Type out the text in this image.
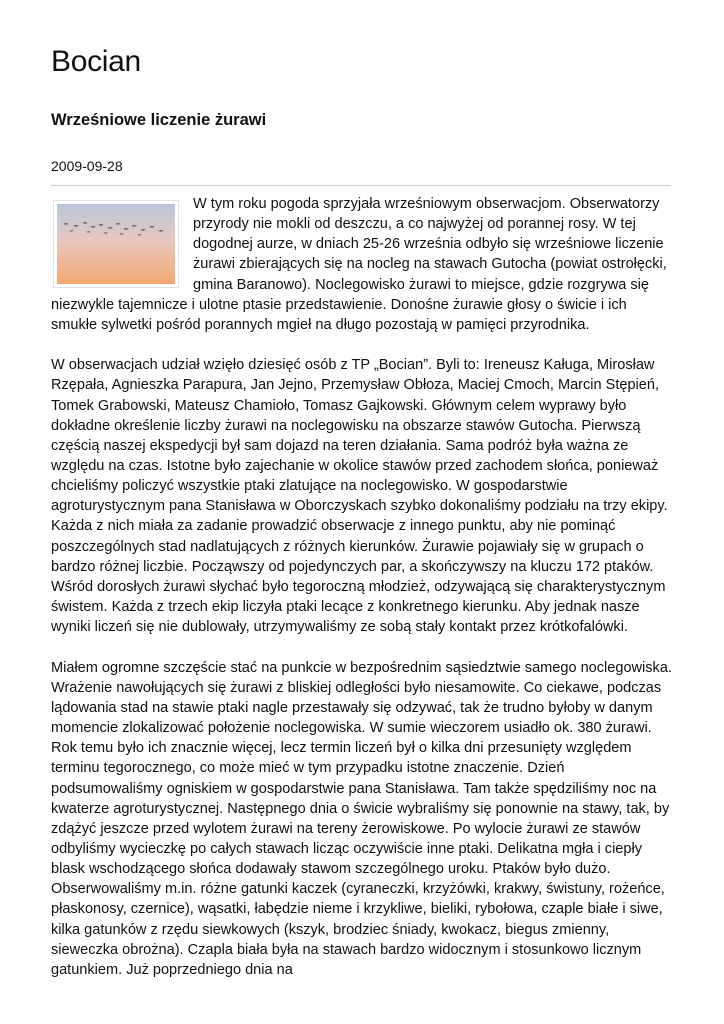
Bocian
Wrześniowe liczenie żurawi
2009-09-28

W tym roku pogoda sprzyjała wrześniowym obserwacjom. Obserwatorzy przyrody nie mokli od deszczu, a co najwyżej od porannej rosy. W tej dogodnej aurze, w dniach 25-26 września odbyło się wrześniowe liczenie żurawi zbierających się na nocleg na stawach Gutocha (powiat ostrołęcki, gmina Baranowo). Noclegowisko żurawi to miejsce, gdzie rozgrywa się niezwykle tajemnicze i ulotne ptasie przedstawienie. Donośne żurawie głosy o świcie i ich smukłe sylwetki pośród porannych mgieł na długo pozostają w pamięci przyrodnika.

W obserwacjach udział wzięło dziesięć osób z TP „Bocian”. Byli to: Ireneusz Kaługa, Mirosław Rzępała, Agnieszka Parapura, Jan Jejno, Przemysław Obłoza, Maciej Cmoch, Marcin Stępień, Tomek Grabowski, Mateusz Chamioło, Tomasz Gajkowski. Głównym celem wyprawy było dokładne określenie liczby żurawi na noclegowisku na obszarze stawów Gutocha. Pierwszą częścią naszej ekspedycji był sam dojazd na teren działania. Sama podróż była ważna ze względu na czas. Istotne było zajechanie w okolice stawów przed zachodem słońca, ponieważ chcieliśmy policzyć wszystkie ptaki zlatujące na noclegowisko. W gospodarstwie agroturystycznym pana Stanisława w Oborczyskach szybko dokonaliśmy podziału na trzy ekipy. Każda z nich miała za zadanie prowadzić obserwacje z innego punktu, aby nie pominąć poszczególnych stad nadlatujących z różnych kierunków. Żurawie pojawiały się w grupach o bardzo różnej liczbie. Począwszy od pojedynczych par, a skończywszy na kluczu 172 ptaków. Wśród dorosłych żurawi słychać było tegoroczną młodzież, odzywającą się charakterystycznym świstem. Każda z trzech ekip liczyła ptaki lecące z konkretnego kierunku. Aby jednak nasze wyniki liczeń się nie dublowały, utrzymywaliśmy ze sobą stały kontakt przez krótkofalówki.

Miałem ogromne szczęście stać na punkcie w bezpośrednim sąsiedztwie samego noclegowiska. Wrażenie nawołujących się żurawi z bliskiej odległości było niesamowite. Co ciekawe, podczas lądowania stad na stawie ptaki nagle przestawały się odzywać, tak że trudno byłoby w danym momencie zlokalizować położenie noclegowiska. W sumie wieczorem usiadło ok. 380 żurawi. Rok temu było ich znacznie więcej, lecz termin liczeń był o kilka dni przesunięty względem terminu tegorocznego, co może mieć w tym przypadku istotne znaczenie. Dzień podsumowaliśmy ogniskiem w gospodarstwie pana Stanisława. Tam także spędziliśmy noc na kwaterze agroturystycznej. Następnego dnia o świcie wybraliśmy się ponownie na stawy, tak, by zdążyć jeszcze przed wylotem żurawi na tereny żerowiskowe. Po wylocie żurawi ze stawów odbyliśmy wycieczkę po całych stawach licząc oczywiście inne ptaki. Delikatna mgła i ciepły blask wschodzącego słońca dodawały stawom szczególnego uroku. Ptaków było dużo. Obserwowaliśmy m.in. różne gatunki kaczek (cyraneczki, krzyżówki, krakwy, świstuny, rożeńce, płaskonosy, czernice), wąsatki, łabędzie nieme i krzykliwe, bieliki, rybołowa, czaple białe i siwe, kilka gatunków z rzędu siewkowych (kszyk, brodziec śniady, kwokacz, biegus zmienny, sieweczka obrożna). Czapla biała była na stawach bardzo widocznym i stosunkowo licznym gatunkiem. Już poprzedniego dnia na
